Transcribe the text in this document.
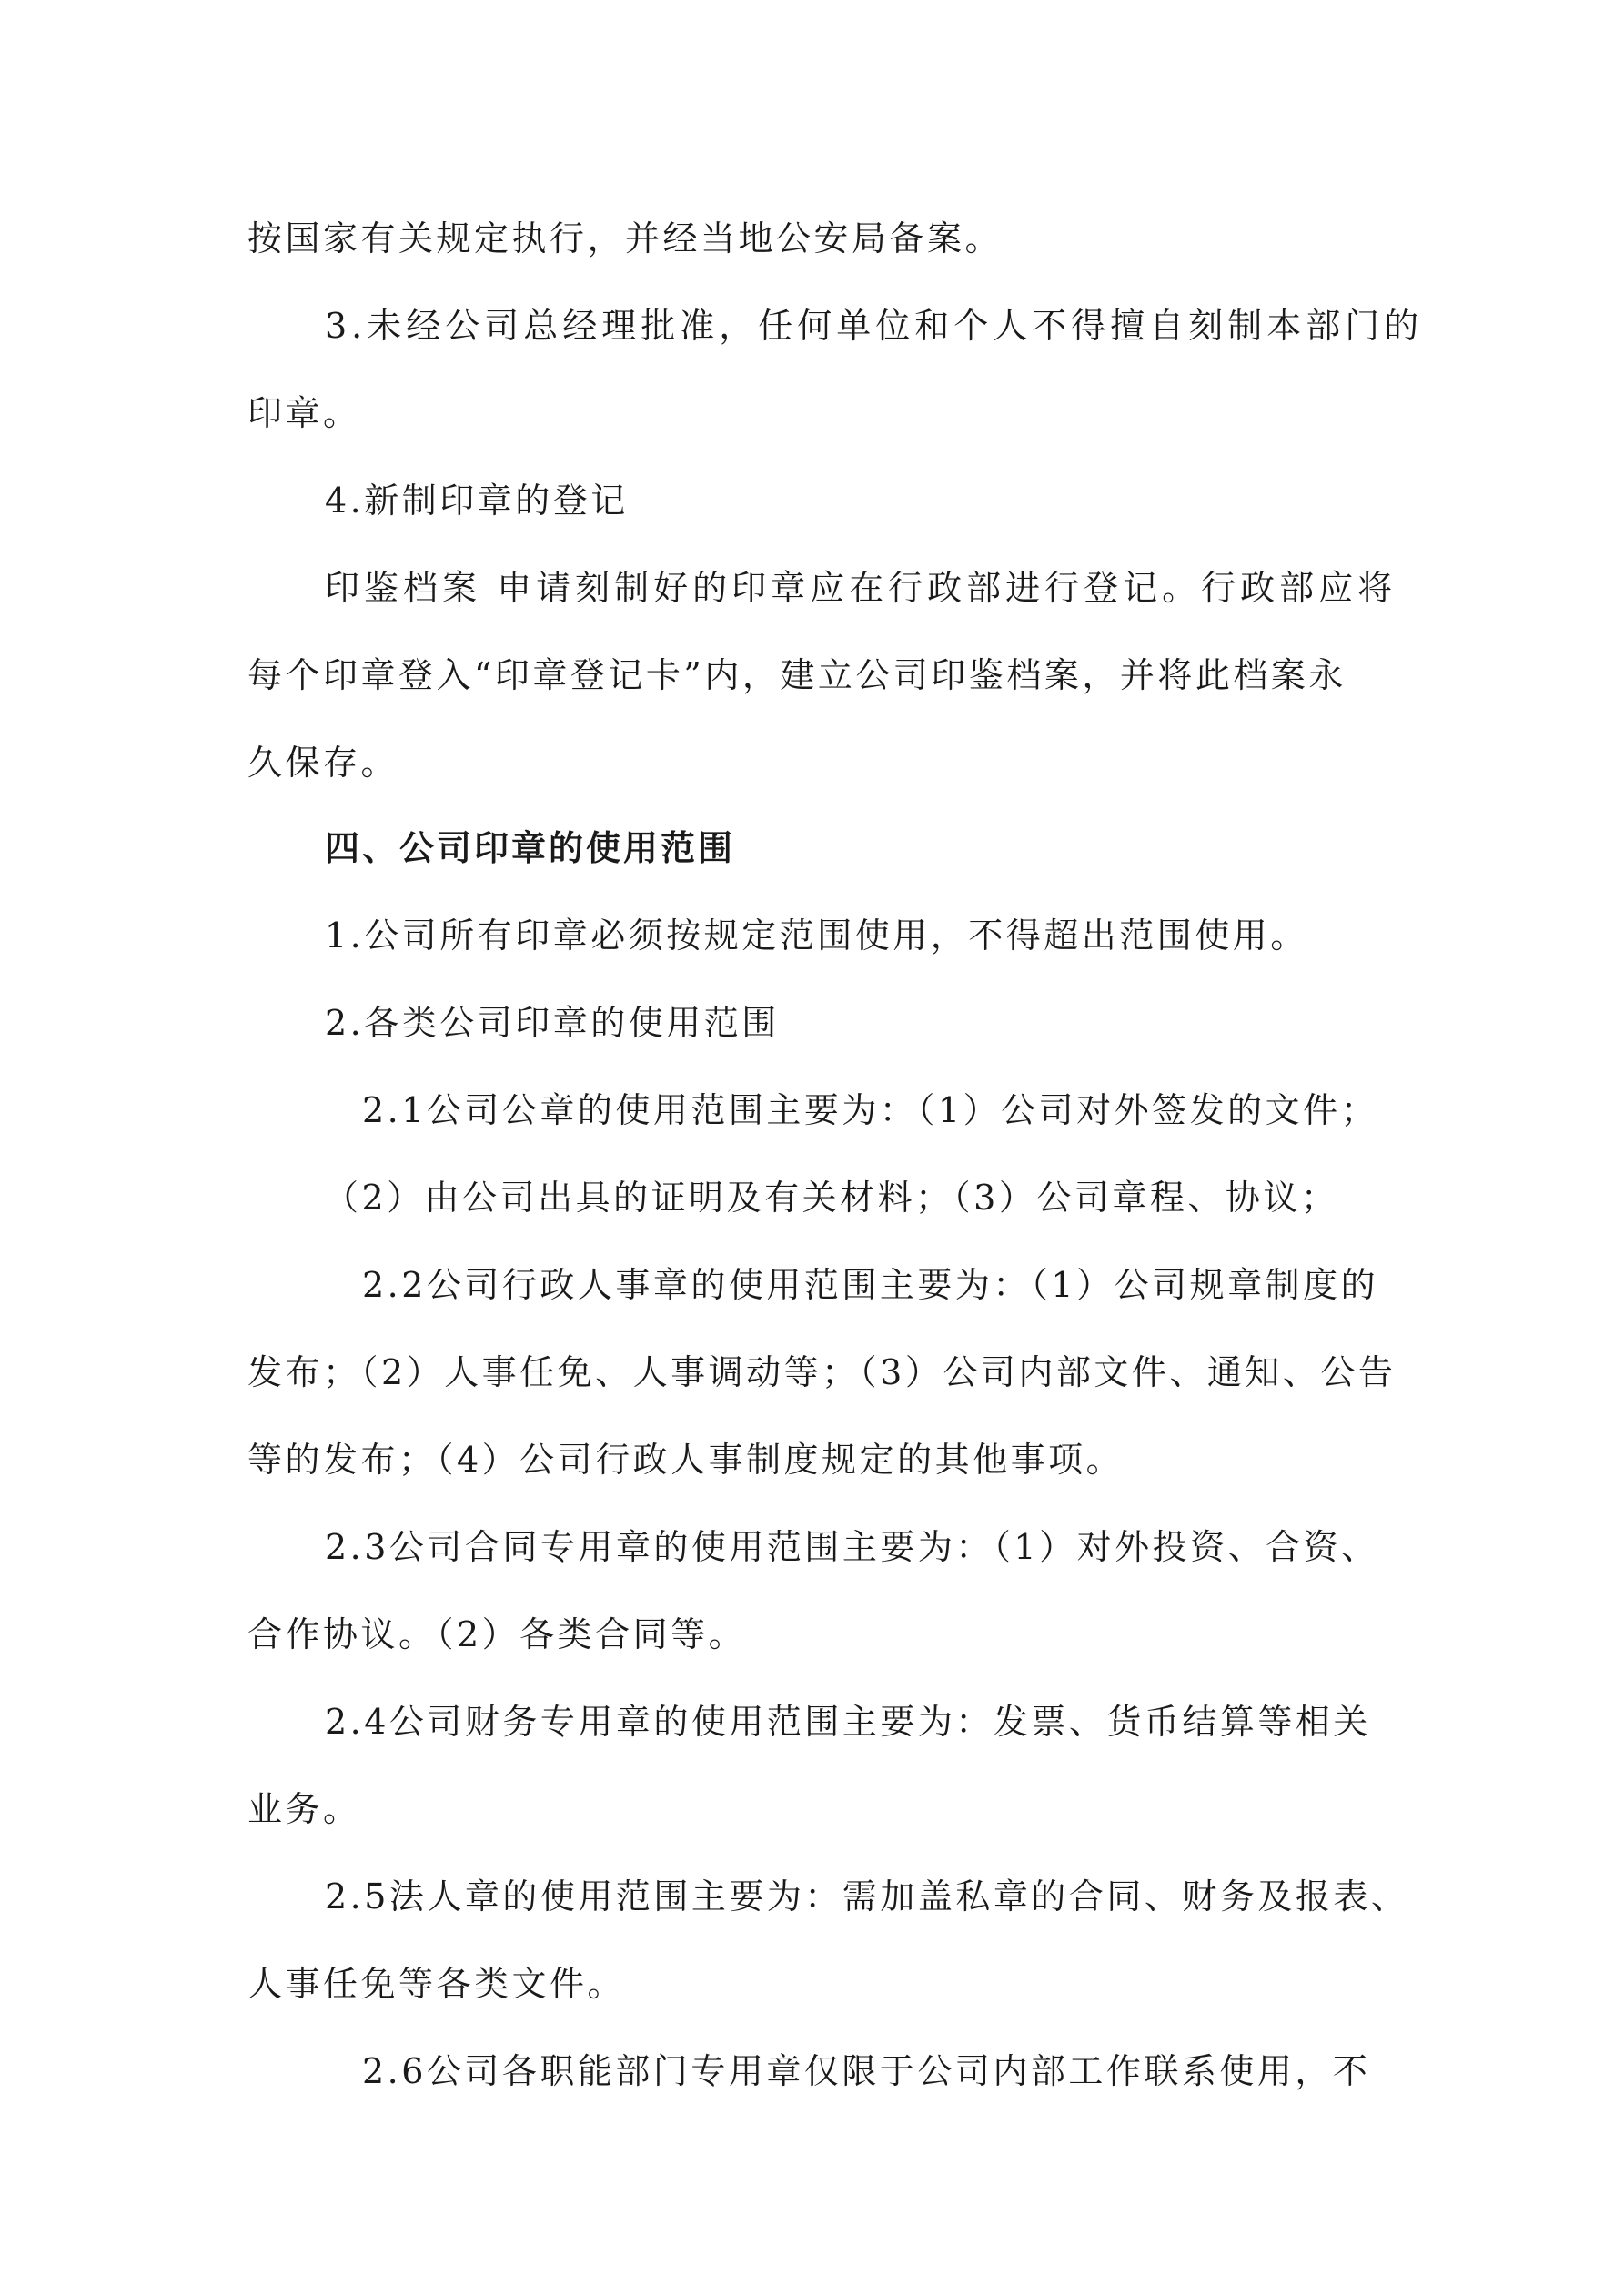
按国家有关规定执行，并经当地公安局备案。
3.未经公司总经理批准，任何单位和个人不得擅自刻制本部门的
印章。
4.新制印章的登记
印鉴档案 申请刻制好的印章应在行政部进行登记。行政部应将
每个印章登入“印章登记卡”内，建立公司印鉴档案，并将此档案永
久保存。
四、公司印章的使用范围
1.公司所有印章必须按规定范围使用，不得超出范围使用。
2.各类公司印章的使用范围
2.1公司公章的使用范围主要为：（1）公司对外签发的文件；
（2）由公司出具的证明及有关材料；（3）公司章程、协议；
2.2公司行政人事章的使用范围主要为：（1）公司规章制度的
发布；（2）人事任免、人事调动等；（3）公司内部文件、通知、公告
等的发布；（4）公司行政人事制度规定的其他事项。
2.3公司合同专用章的使用范围主要为：（1）对外投资、合资、
合作协议。（2）各类合同等。
2.4公司财务专用章的使用范围主要为：发票、货币结算等相关
业务。
2.5法人章的使用范围主要为：需加盖私章的合同、财务及报表、
人事任免等各类文件。
2.6公司各职能部门专用章仅限于公司内部工作联系使用，不
